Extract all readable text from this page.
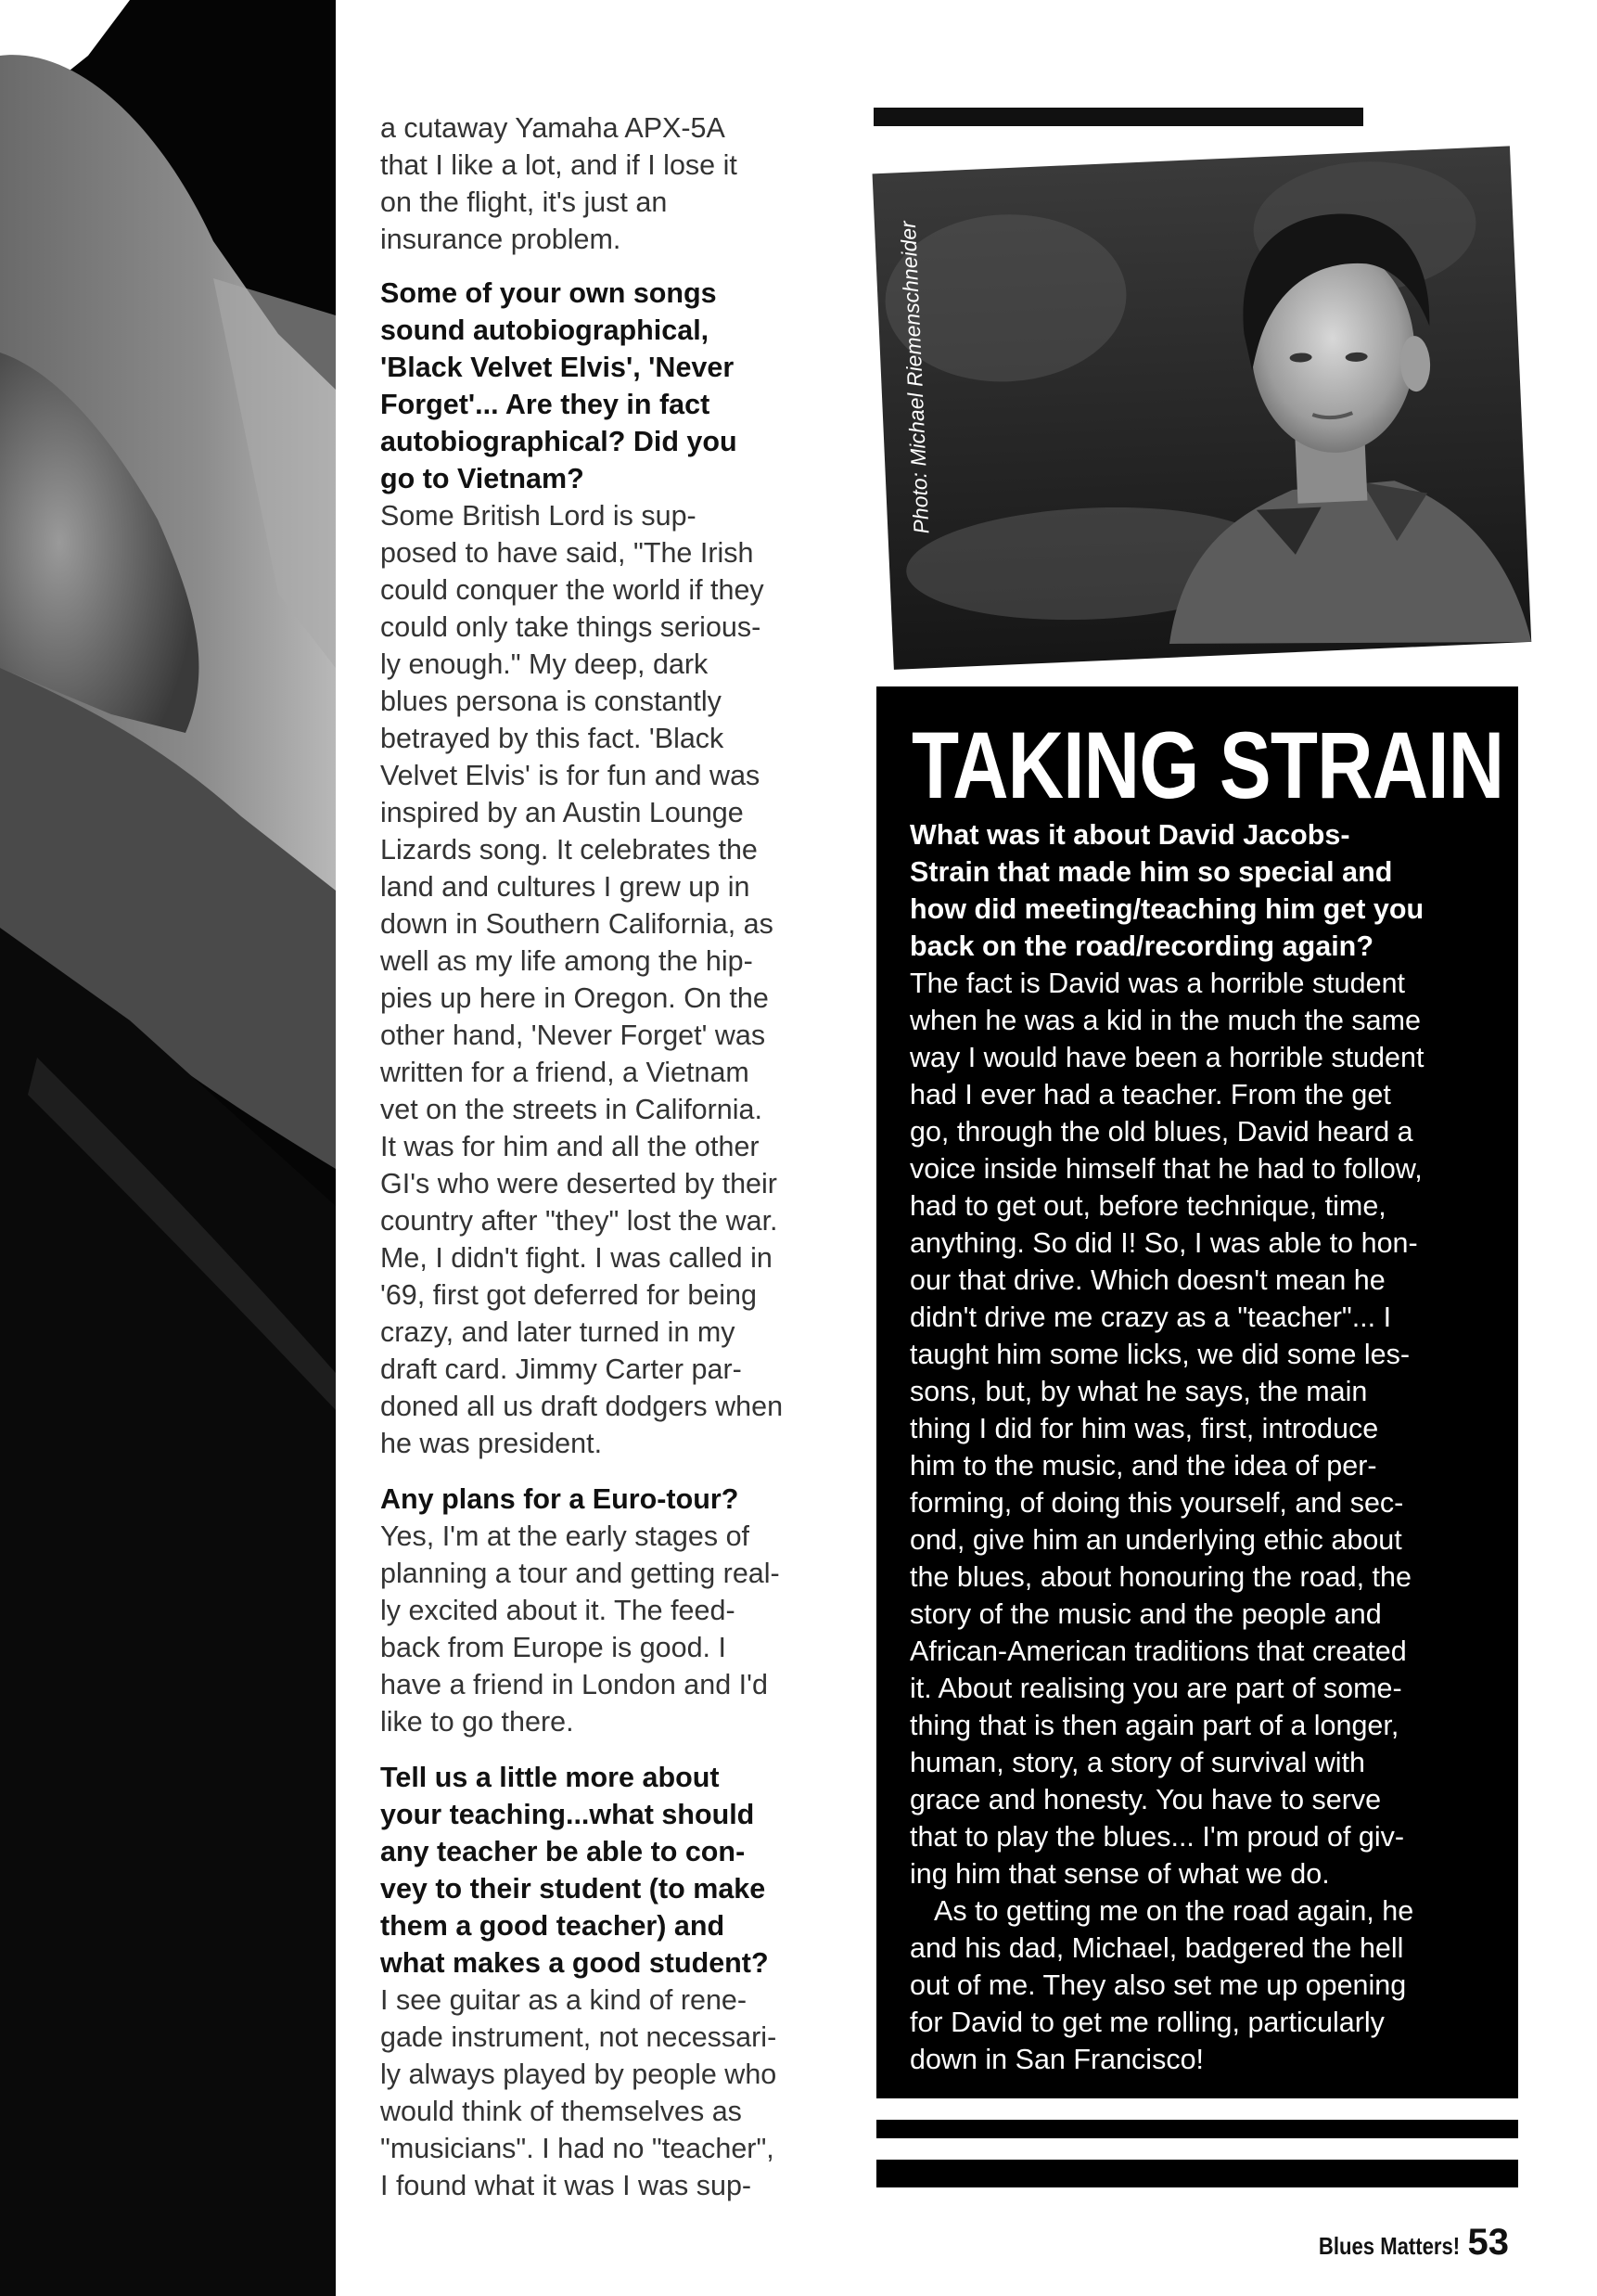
a cutaway Yamaha APX-5A
that I like a lot, and if I lose it
on the flight, it's just an
insurance problem.

Some of your own songs
sound autobiographical,
'Black Velvet Elvis', 'Never
Forget'... Are they in fact
autobiographical? Did you
go to Vietnam?

Some British Lord is sup-
posed to have said, "The Irish
could conquer the world if they
could only take things serious-
ly enough." My deep, dark
blues persona is constantly
betrayed by this fact. 'Black
Velvet Elvis' is for fun and was
inspired by an Austin Lounge
Lizards song. It celebrates the
land and cultures I grew up in
down in Southern California, as
well as my life among the hip-
pies up here in Oregon. On the
other hand, 'Never Forget' was
written for a friend, a Vietnam
vet on the streets in California.
It was for him and all the other
GI's who were deserted by their
country after "they" lost the war.
Me, I didn't fight. I was called in
'69, first got deferred for being
crazy, and later turned in my
draft card. Jimmy Carter par-
doned all us draft dodgers when
he was president.

Any plans for a Euro-tour?

Yes, I'm at the early stages of
planning a tour and getting real-
ly excited about it. The feed-
back from Europe is good. I
have a friend in London and I'd
like to go there.

Tell us a little more about
your teaching...what should
any teacher be able to con-
vey to their student (to make
them a good teacher) and
what makes a good student?

I see guitar as a kind of rene-
gade instrument, not necessari-
ly always played by people who
would think of themselves as
"musicians". I had no "teacher",
I found what it was I was sup-

Photo: Michael Riemenschneider
TAKING STRAIN

What was it about David Jacobs-
Strain that made him so special and
how did meeting/teaching him get you
back on the road/recording again?

The fact is David was a horrible student
when he was a kid in the much the same
way I would have been a horrible student
had I ever had a teacher. From the get
go, through the old blues, David heard a
voice inside himself that he had to follow,
had to get out, before technique, time,
anything. So did I! So, I was able to hon-
our that drive. Which doesn't mean he
didn't drive me crazy as a "teacher"... I
taught him some licks, we did some les-
sons, but, by what he says, the main
thing I did for him was, first, introduce
him to the music, and the idea of per-
forming, of doing this yourself, and sec-
ond, give him an underlying ethic about
the blues, about honouring the road, the
story of the music and the people and
African-American traditions that created
it. About realising you are part of some-
thing that is then again part of a longer,
human, story, a story of survival with
grace and honesty. You have to serve
that to play the blues... I'm proud of giv-
ing him that sense of what we do.

As to getting me on the road again, he
and his dad, Michael, badgered the hell
out of me. They also set me up opening
for David to get me rolling, particularly
down in San Francisco!

Blues Matters! 53
